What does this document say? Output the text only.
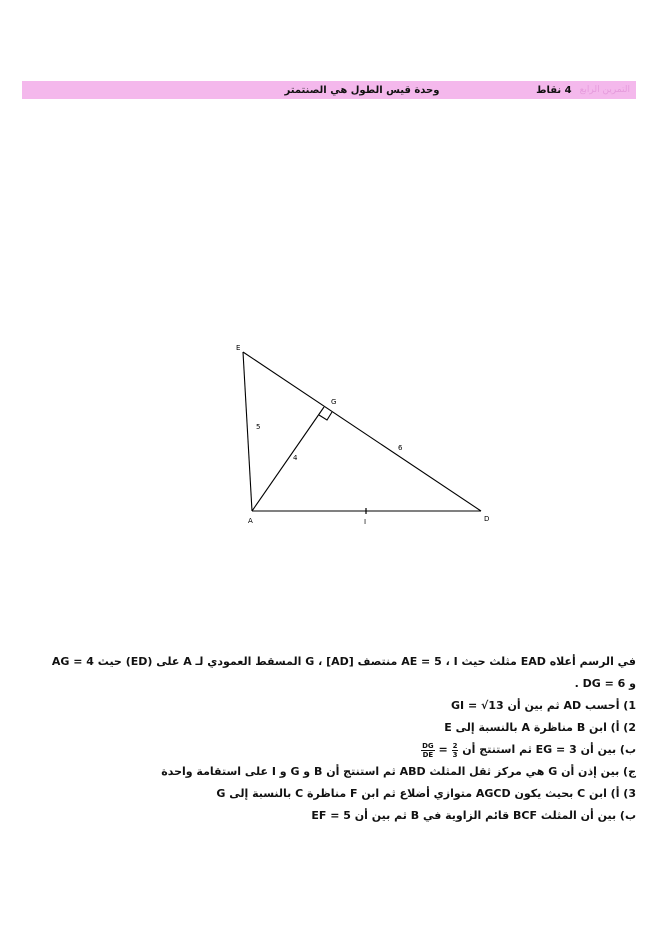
التمرين الرابع
4 نقاط
وحدة قيس الطول هي الصنتمتر
E
G
A	D
I
5
4
6
في الرسم أعلاه EAD مثلث حيث AE = 5 ، I منتصف [AD] ، G المسقط العمودي لـ A على (ED) حيث AG = 4
و DG = 6 .
1) أحسب AD ثم بين أن GI = √13
2) أ) ابن B مناظرة A بالنسبة إلى E
ب) بين أن EG = 3 ثم استنتج أن
$\frac{DG}{DE} = \frac{2}{3}$
ج) بين إذن أن G هي مركز ثقل المثلث ABD ثم استنتج أن B و G و I على استقامة واحدة
3) أ) ابن C بحيث يكون AGCD متوازي أضلاع ثم ابن F مناظرة C بالنسبة إلى G
ب) بين أن المثلث BCF قائم الزاوية في B ثم بين أن EF = 5
